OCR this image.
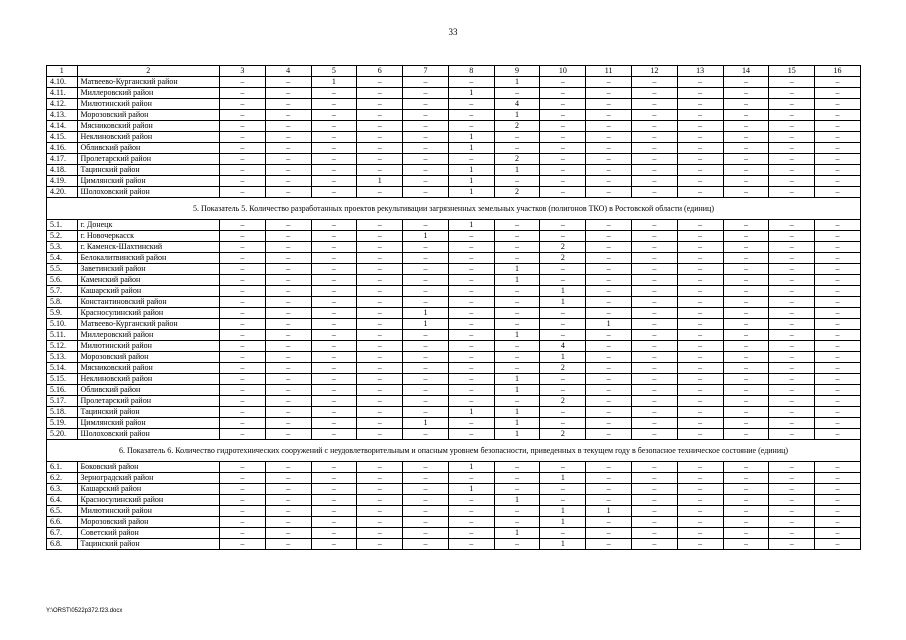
33
1	2	3	4	5	6	7	8	9	10	11	12	13	14	15	16
4.10.	Матвеево-Курганский район	–	–	1	–	–	–	1	–	–	–	–	–	–	–
4.11.	Миллеровский район	–	–	–	–	–	1	–	–	–	–	–	–	–	–
4.12.	Милютинский район	–	–	–	–	–	–	4	–	–	–	–	–	–	–
4.13.	Морозовский район	–	–	–	–	–	–	1	–	–	–	–	–	–	–
4.14.	Мясниковский район	–	–	–	–	–	–	2	–	–	–	–	–	–	–
4.15.	Неклиновский район	–	–	–	–	–	1	–	–	–	–	–	–	–	–
4.16.	Обливский район	–	–	–	–	–	1	–	–	–	–	–	–	–	–
4.17.	Пролетарский район	–	–	–	–	–	–	2	–	–	–	–	–	–	–
4.18.	Тацинский район	–	–	–	–	–	1	1	–	–	–	–	–	–	–
4.19.	Цимлянский район	–	–	–	1	–	1	–	–	–	–	–	–	–	–
4.20.	Шолоховский район	–	–	–	–	–	1	2	–	–	–	–	–	–	–
5. Показатель 5. Количество разработанных проектов рекультивации загрязненных земельных участков (полигонов ТКО) в Ростовской области (единиц)															
5.1.	г. Донецк	–	–	–	–	–	1	–	–	–	–	–	–	–	–
5.2.	г. Новочеркасск	–	–	–	–	1	–	–	–	–	–	–	–	–	–
5.3.	г. Каменск-Шахтинский	–	–	–	–	–	–	–	2	–	–	–	–	–	–
5.4.	Белокалитвинский район	–	–	–	–	–	–	–	2	–	–	–	–	–	–
5.5.	Заветинский район	–	–	–	–	–	–	1	–	–	–	–	–	–	–
5.6.	Каменский район	–	–	–	–	–	–	1	–	–	–	–	–	–	–
5.7.	Кашарский район	–	–	–	–	–	–	–	1	–	–	–	–	–	–
5.8.	Константиновский район	–	–	–	–	–	–	–	1	–	–	–	–	–	–
5.9.	Красносулинский район	–	–	–	–	1	–	–	–	–	–	–	–	–	–
5.10.	Матвеево-Курганский район	–	–	–	–	1	–	–	–	1	–	–	–	–	–
5.11.	Миллеровский район	–	–	–	–	–	–	1	–	–	–	–	–	–	–
5.12.	Милютинский район	–	–	–	–	–	–	–	4	–	–	–	–	–	–
5.13.	Морозовский район	–	–	–	–	–	–	–	1	–	–	–	–	–	–
5.14.	Мясниковский район	–	–	–	–	–	–	–	2	–	–	–	–	–	–
5.15.	Неклиновский район	–	–	–	–	–	–	1	–	–	–	–	–	–	–
5.16.	Обливский район	–	–	–	–	–	–	1	–	–	–	–	–	–	–
5.17.	Пролетарский район	–	–	–	–	–	–	–	2	–	–	–	–	–	–
5.18.	Тацинский район	–	–	–	–	–	1	1	–	–	–	–	–	–	–
5.19.	Цимлянский район	–	–	–	–	1	–	1	–	–	–	–	–	–	–
5.20.	Шолоховский район	–	–	–	–	–	–	1	2	–	–	–	–	–	–
6. Показатель 6. Количество гидротехнических сооружений с неудовлетворительным и опасным уровнем безопасности, приведенных в текущем году в безопасное техническое состояние (единиц)															
6.1.	Боковский район	–	–	–	–	–	1	–	–	–	–	–	–	–	–
6.2.	Зерноградский район	–	–	–	–	–	–	–	1	–	–	–	–	–	–
6.3.	Кашарский район	–	–	–	–	–	1	–	–	–	–	–	–	–	–
6.4.	Красносулинский район	–	–	–	–	–	–	1	–	–	–	–	–	–	–
6.5.	Милютинский район	–	–	–	–	–	–	–	1	1	–	–	–	–	–
6.6.	Морозовский район	–	–	–	–	–	–	–	1	–	–	–	–	–	–
6.7.	Советский район	–	–	–	–	–	–	1	–	–	–	–	–	–	–
6.8.	Тацинский район	–	–	–	–	–	–	–	1	–	–	–	–	–	–
Y:\ORST\0522p372.f23.docx
